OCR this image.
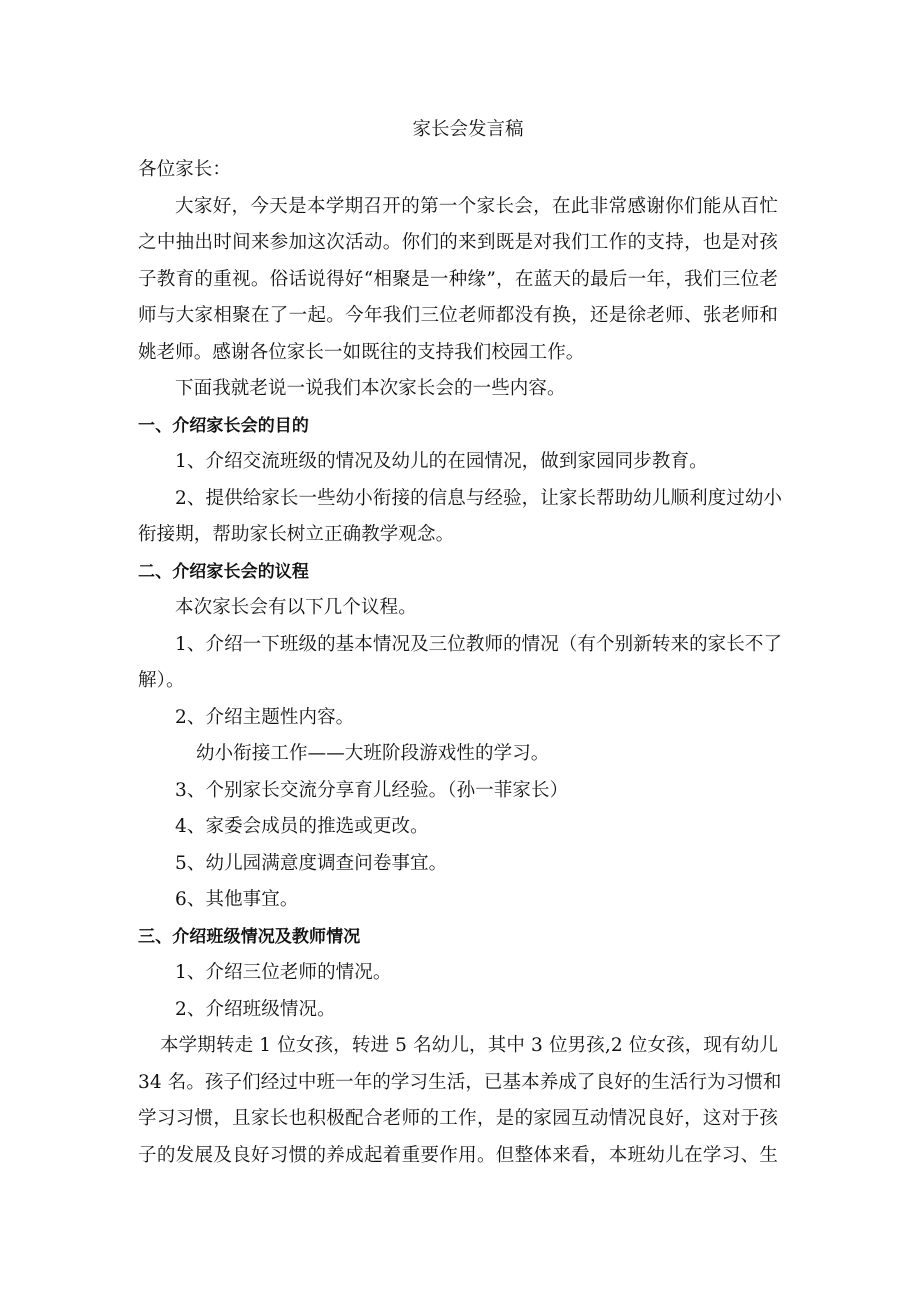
家长会发言稿
各位家长：
大家好，今天是本学期召开的第一个家长会，在此非常感谢你们能从百忙
之中抽出时间来参加这次活动。你们的来到既是对我们工作的支持，也是对孩
子教育的重视。俗话说得好“相聚是一种缘”，在蓝天的最后一年，我们三位老
师与大家相聚在了一起。今年我们三位老师都没有换，还是徐老师、张老师和
姚老师。感谢各位家长一如既往的支持我们校园工作。
下面我就老说一说我们本次家长会的一些内容。
一、介绍家长会的目的
1、介绍交流班级的情况及幼儿的在园情况，做到家园同步教育。
2、提供给家长一些幼小衔接的信息与经验，让家长帮助幼儿顺利度过幼小
衔接期，帮助家长树立正确教学观念。
二、介绍家长会的议程
本次家长会有以下几个议程。
1、介绍一下班级的基本情况及三位教师的情况（有个别新转来的家长不了
解）。
2、介绍主题性内容。
幼小衔接工作——大班阶段游戏性的学习。
3、个别家长交流分享育儿经验。（孙一菲家长）
4、家委会成员的推选或更改。
5、幼儿园满意度调查问卷事宜。
6、其他事宜。
三、介绍班级情况及教师情况
1、介绍三位老师的情况。
2、介绍班级情况。
本学期转走 1 位女孩，转进 5 名幼儿，其中 3 位男孩,2 位女孩，现有幼儿
34 名。孩子们经过中班一年的学习生活，已基本养成了良好的生活行为习惯和
学习习惯，且家长也积极配合老师的工作，是的家园互动情况良好，这对于孩
子的发展及良好习惯的养成起着重要作用。但整体来看，本班幼儿在学习、生
